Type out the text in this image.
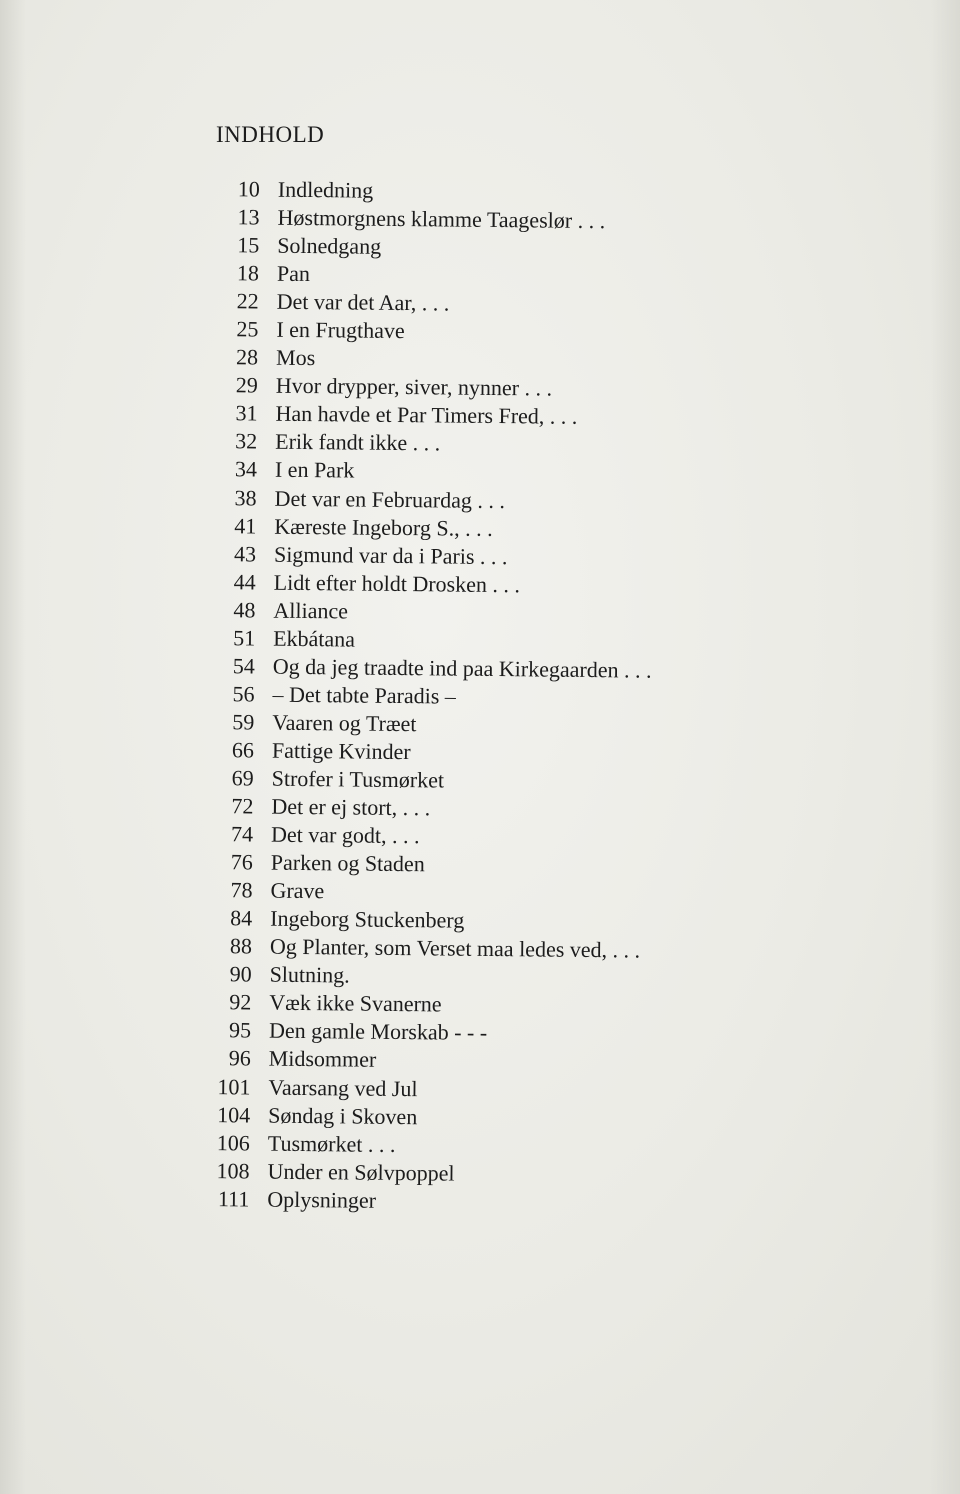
INDHOLD
10 Indledning
13 Høstmorgnens klamme Taageslør . . .
15 Solnedgang
18 Pan
22 Det var det Aar, . . .
25 I en Frugthave
28 Mos
29 Hvor drypper, siver, nynner . . .
31 Han havde et Par Timers Fred, . . .
32 Erik fandt ikke . . .
34 I en Park
38 Det var en Februardag . . .
41 Kæreste Ingeborg S., . . .
43 Sigmund var da i Paris . . .
44 Lidt efter holdt Drosken . . .
48 Alliance
51 Ekbátana
54 Og da jeg traadte ind paa Kirkegaarden . . .
56 – Det tabte Paradis –
59 Vaaren og Træet
66 Fattige Kvinder
69 Strofer i Tusmørket
72 Det er ej stort, . . .
74 Det var godt, . . .
76 Parken og Staden
78 Grave
84 Ingeborg Stuckenberg
88 Og Planter, som Verset maa ledes ved, . . .
90 Slutning.
92 Væk ikke Svanerne
95 Den gamle Morskab - - -
96 Midsommer
101 Vaarsang ved Jul
104 Søndag i Skoven
106 Tusmørket . . .
108 Under en Sølvpoppel
111 Oplysninger
